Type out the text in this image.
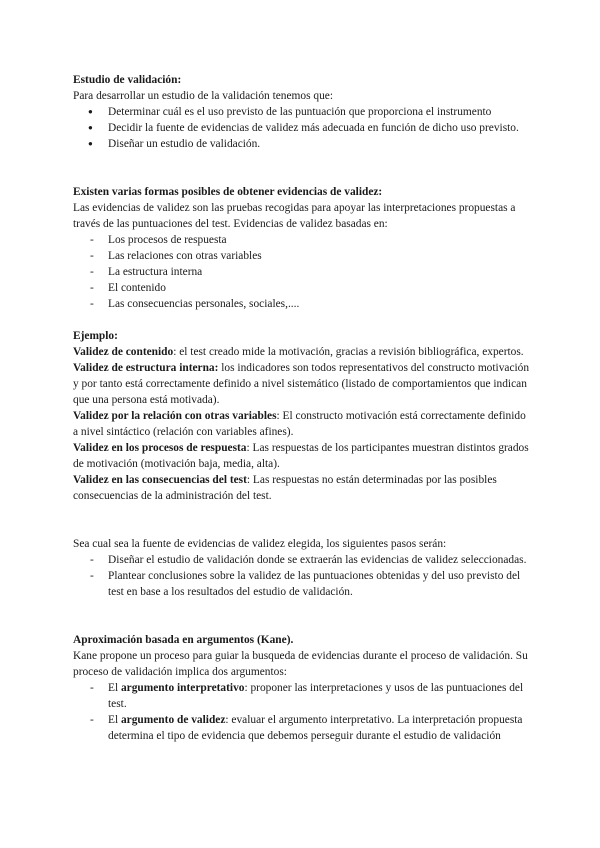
Estudio de validación:

Para desarrollar un estudio de la validación tenemos que:

● Determinar cuál es el uso previsto de las puntuación que proporciona el instrumento
● Decidir la fuente de evidencias de validez más adecuada en función de dicho uso previsto.
● Diseñar un estudio de validación.

Existen varias formas posibles de obtener evidencias de validez:

Las evidencias de validez son las pruebas recogidas para apoyar las interpretaciones propuestas a través de las puntuaciones del test. Evidencias de validez basadas en:

- Los procesos de respuesta
- Las relaciones con otras variables
- La estructura interna
- El contenido
- Las consecuencias personales, sociales,....

Ejemplo:

Validez de contenido: el test creado mide la motivación, gracias a revisión bibliográfica, expertos.

Validez de estructura interna: los indicadores son todos representativos del constructo motivación y por tanto está correctamente definido a nivel sistemático (listado de comportamientos que indican que una persona está motivada).

Validez por la relación con otras variables: El constructo motivación está correctamente definido a nivel sintáctico (relación con variables afines).

Validez en los procesos de respuesta: Las respuestas de los participantes muestran distintos grados de motivación (motivación baja, media, alta).

Validez en las consecuencias del test: Las respuestas no están determinadas por las posibles consecuencias de la administración del test.

Sea cual sea la fuente de evidencias de validez elegida, los siguientes pasos serán:

- Diseñar el estudio de validación donde se extraerán las evidencias de validez seleccionadas.
- Plantear conclusiones sobre la validez de las puntuaciones obtenidas y del uso previsto del test en base a los resultados del estudio de validación.

Aproximación basada en argumentos (Kane).

Kane propone un proceso para guiar la busqueda de evidencias durante el proceso de validación. Su proceso de validación implica dos argumentos:

- El argumento interpretativo: proponer las interpretaciones y usos de las puntuaciones del test.
- El argumento de validez: evaluar el argumento interpretativo. La interpretación propuesta determina el tipo de evidencia que debemos perseguir durante el estudio de validación
